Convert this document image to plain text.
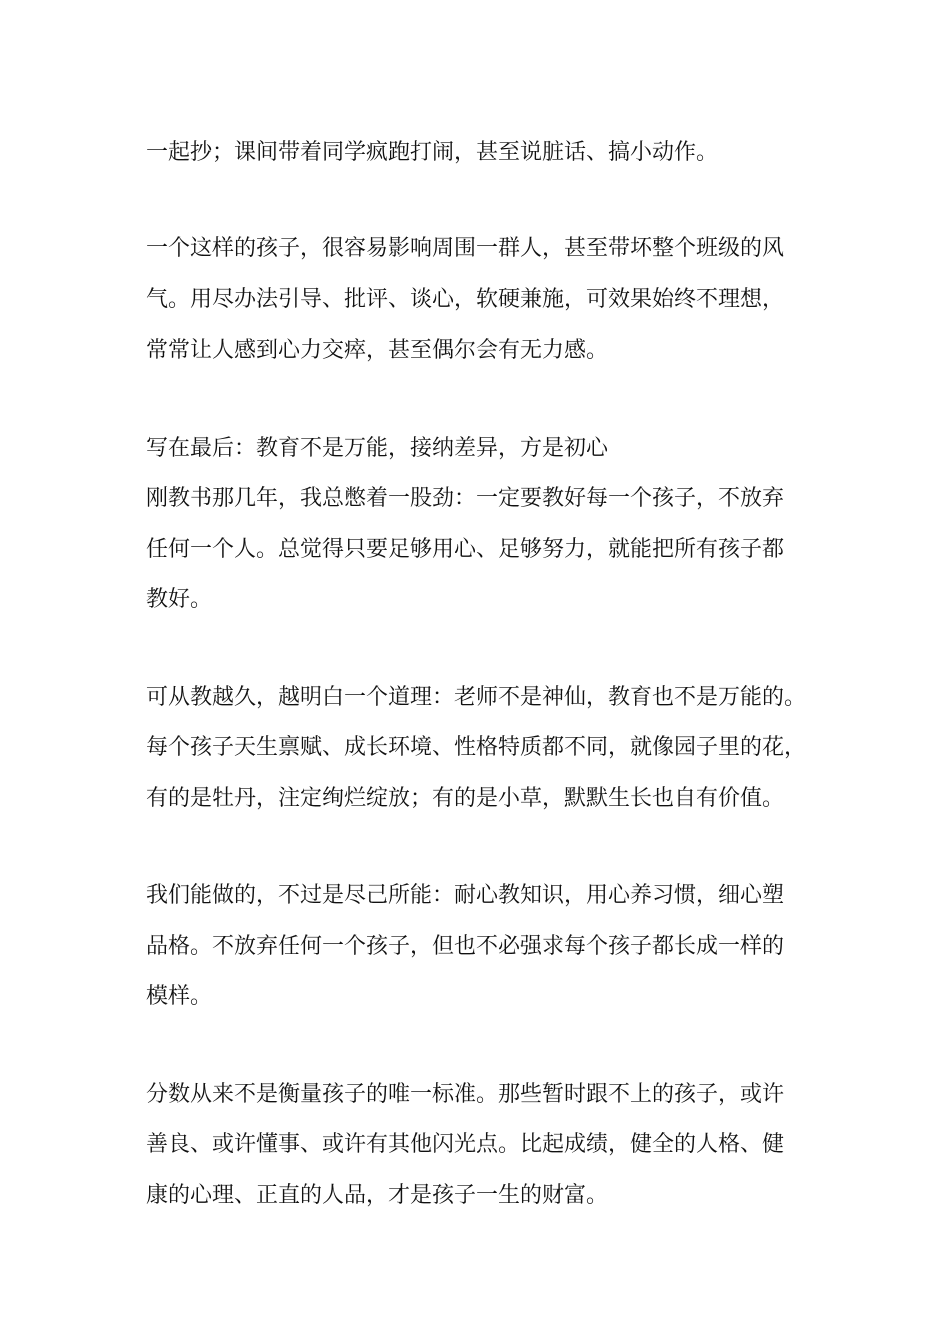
一起抄；课间带着同学疯跑打闹，甚至说脏话、搞小动作。

一个这样的孩子，很容易影响周围一群人，甚至带坏整个班级的风

气。用尽办法引导、批评、谈心，软硬兼施，可效果始终不理想，

常常让人感到心力交瘁，甚至偶尔会有无力感。

写在最后：教育不是万能，接纳差异，方是初心

刚教书那几年，我总憋着一股劲：一定要教好每一个孩子，不放弃

任何一个人。总觉得只要足够用心、足够努力，就能把所有孩子都

教好。

可从教越久，越明白一个道理：老师不是神仙，教育也不是万能的。

每个孩子天生禀赋、成长环境、性格特质都不同，就像园子里的花，

有的是牡丹，注定绚烂绽放；有的是小草，默默生长也自有价值。

我们能做的，不过是尽己所能：耐心教知识，用心养习惯，细心塑

品格。不放弃任何一个孩子，但也不必强求每个孩子都长成一样的

模样。

分数从来不是衡量孩子的唯一标准。那些暂时跟不上的孩子，或许

善良、或许懂事、或许有其他闪光点。比起成绩，健全的人格、健

康的心理、正直的人品，才是孩子一生的财富。
